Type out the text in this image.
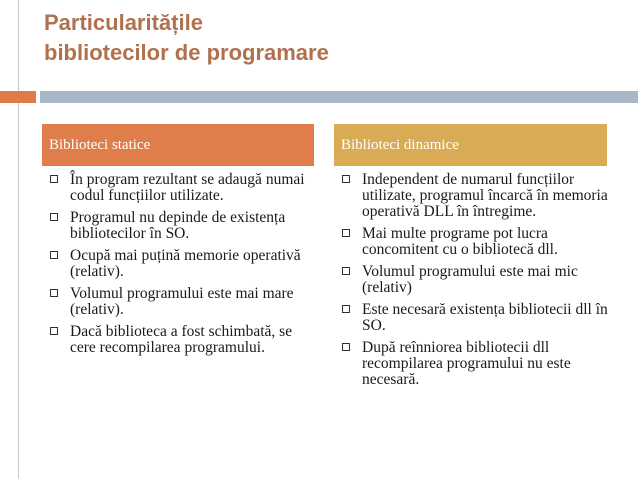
Particularitățile
bibliotecilor de programare
Biblioteci statice	Biblioteci dinamice
În program rezultant se adaugă numai codul funcțiilor utilizate.
Programul nu depinde de existența bibliotecilor în SO.
Ocupă mai puțină memorie operativă (relativ).
Volumul programului este mai mare (relativ).
Dacă biblioteca a fost schimbată, se cere recompilarea programului.
Independent de numarul funcțiilor utilizate, programul încarcă în memoria operativă DLL în întregime.
Mai multe programe pot lucra concomitent cu o bibliotecă dll.
Volumul programului este mai mic (relativ)
Este necesară existența bibliotecii dll în SO.
După reînniorea bibliotecii dll recompilarea programului nu este necesară.
